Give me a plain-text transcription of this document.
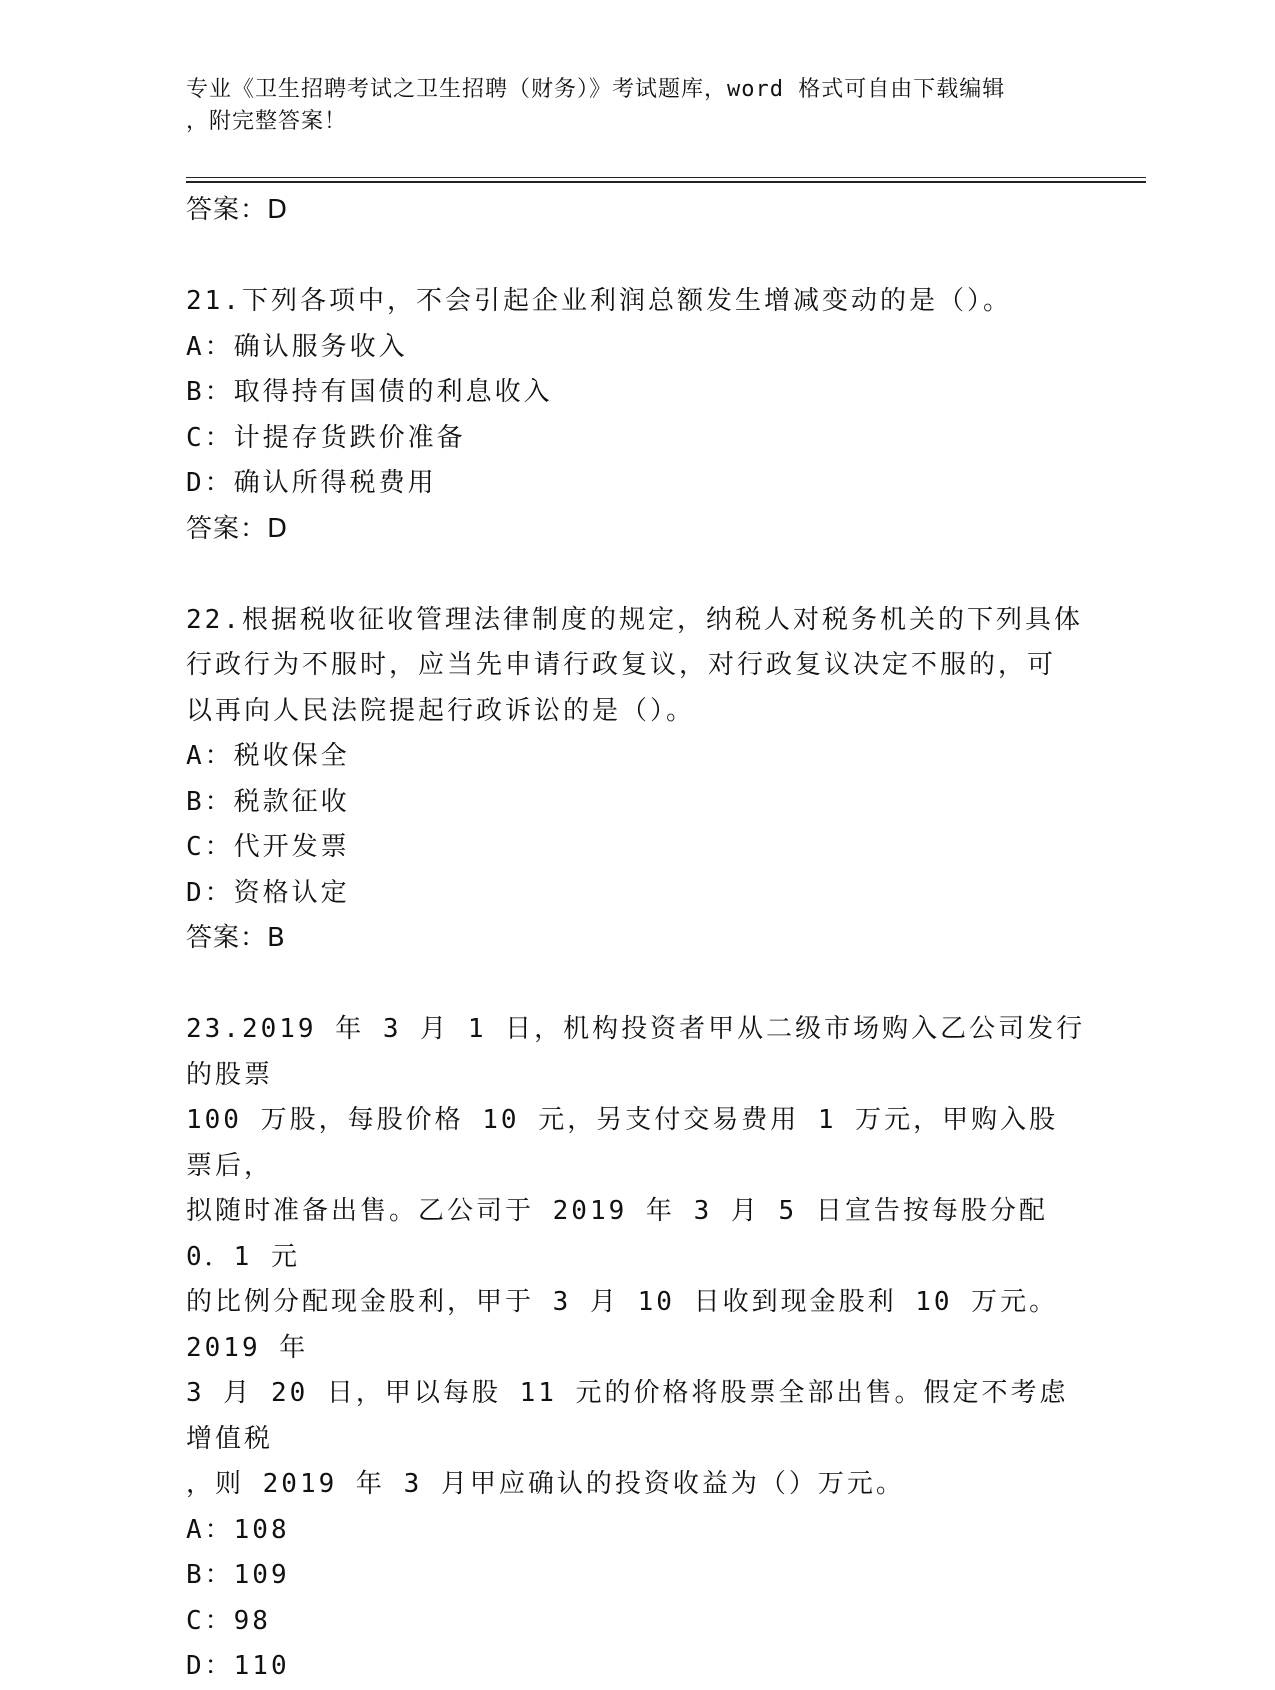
专业《卫生招聘考试之卫生招聘（财务）》考试题库，word 格式可自由下载编辑
，附完整答案！
答案：D
21.下列各项中，不会引起企业利润总额发生增减变动的是（）。
A：确认服务收入
B：取得持有国债的利息收入
C：计提存货跌价准备
D：确认所得税费用
答案：D
22.根据税收征收管理法律制度的规定，纳税人对税务机关的下列具体
行政行为不服时，应当先申请行政复议，对行政复议决定不服的，可
以再向人民法院提起行政诉讼的是（）。
A：税收保全
B：税款征收
C：代开发票
D：资格认定
答案：B
23.2019 年 3 月 1 日，机构投资者甲从二级市场购入乙公司发行的股票
100 万股，每股价格 10 元，另支付交易费用 1 万元，甲购入股票后，
拟随时准备出售。乙公司于 2019 年 3 月 5 日宣告按每股分配 0．1 元
的比例分配现金股利，甲于 3 月 10 日收到现金股利 10 万元。2019 年
3 月 20 日，甲以每股 11 元的价格将股票全部出售。假定不考虑增值税
，则 2019 年 3 月甲应确认的投资收益为（）万元。
A：108
B：109
C：98
D：110
